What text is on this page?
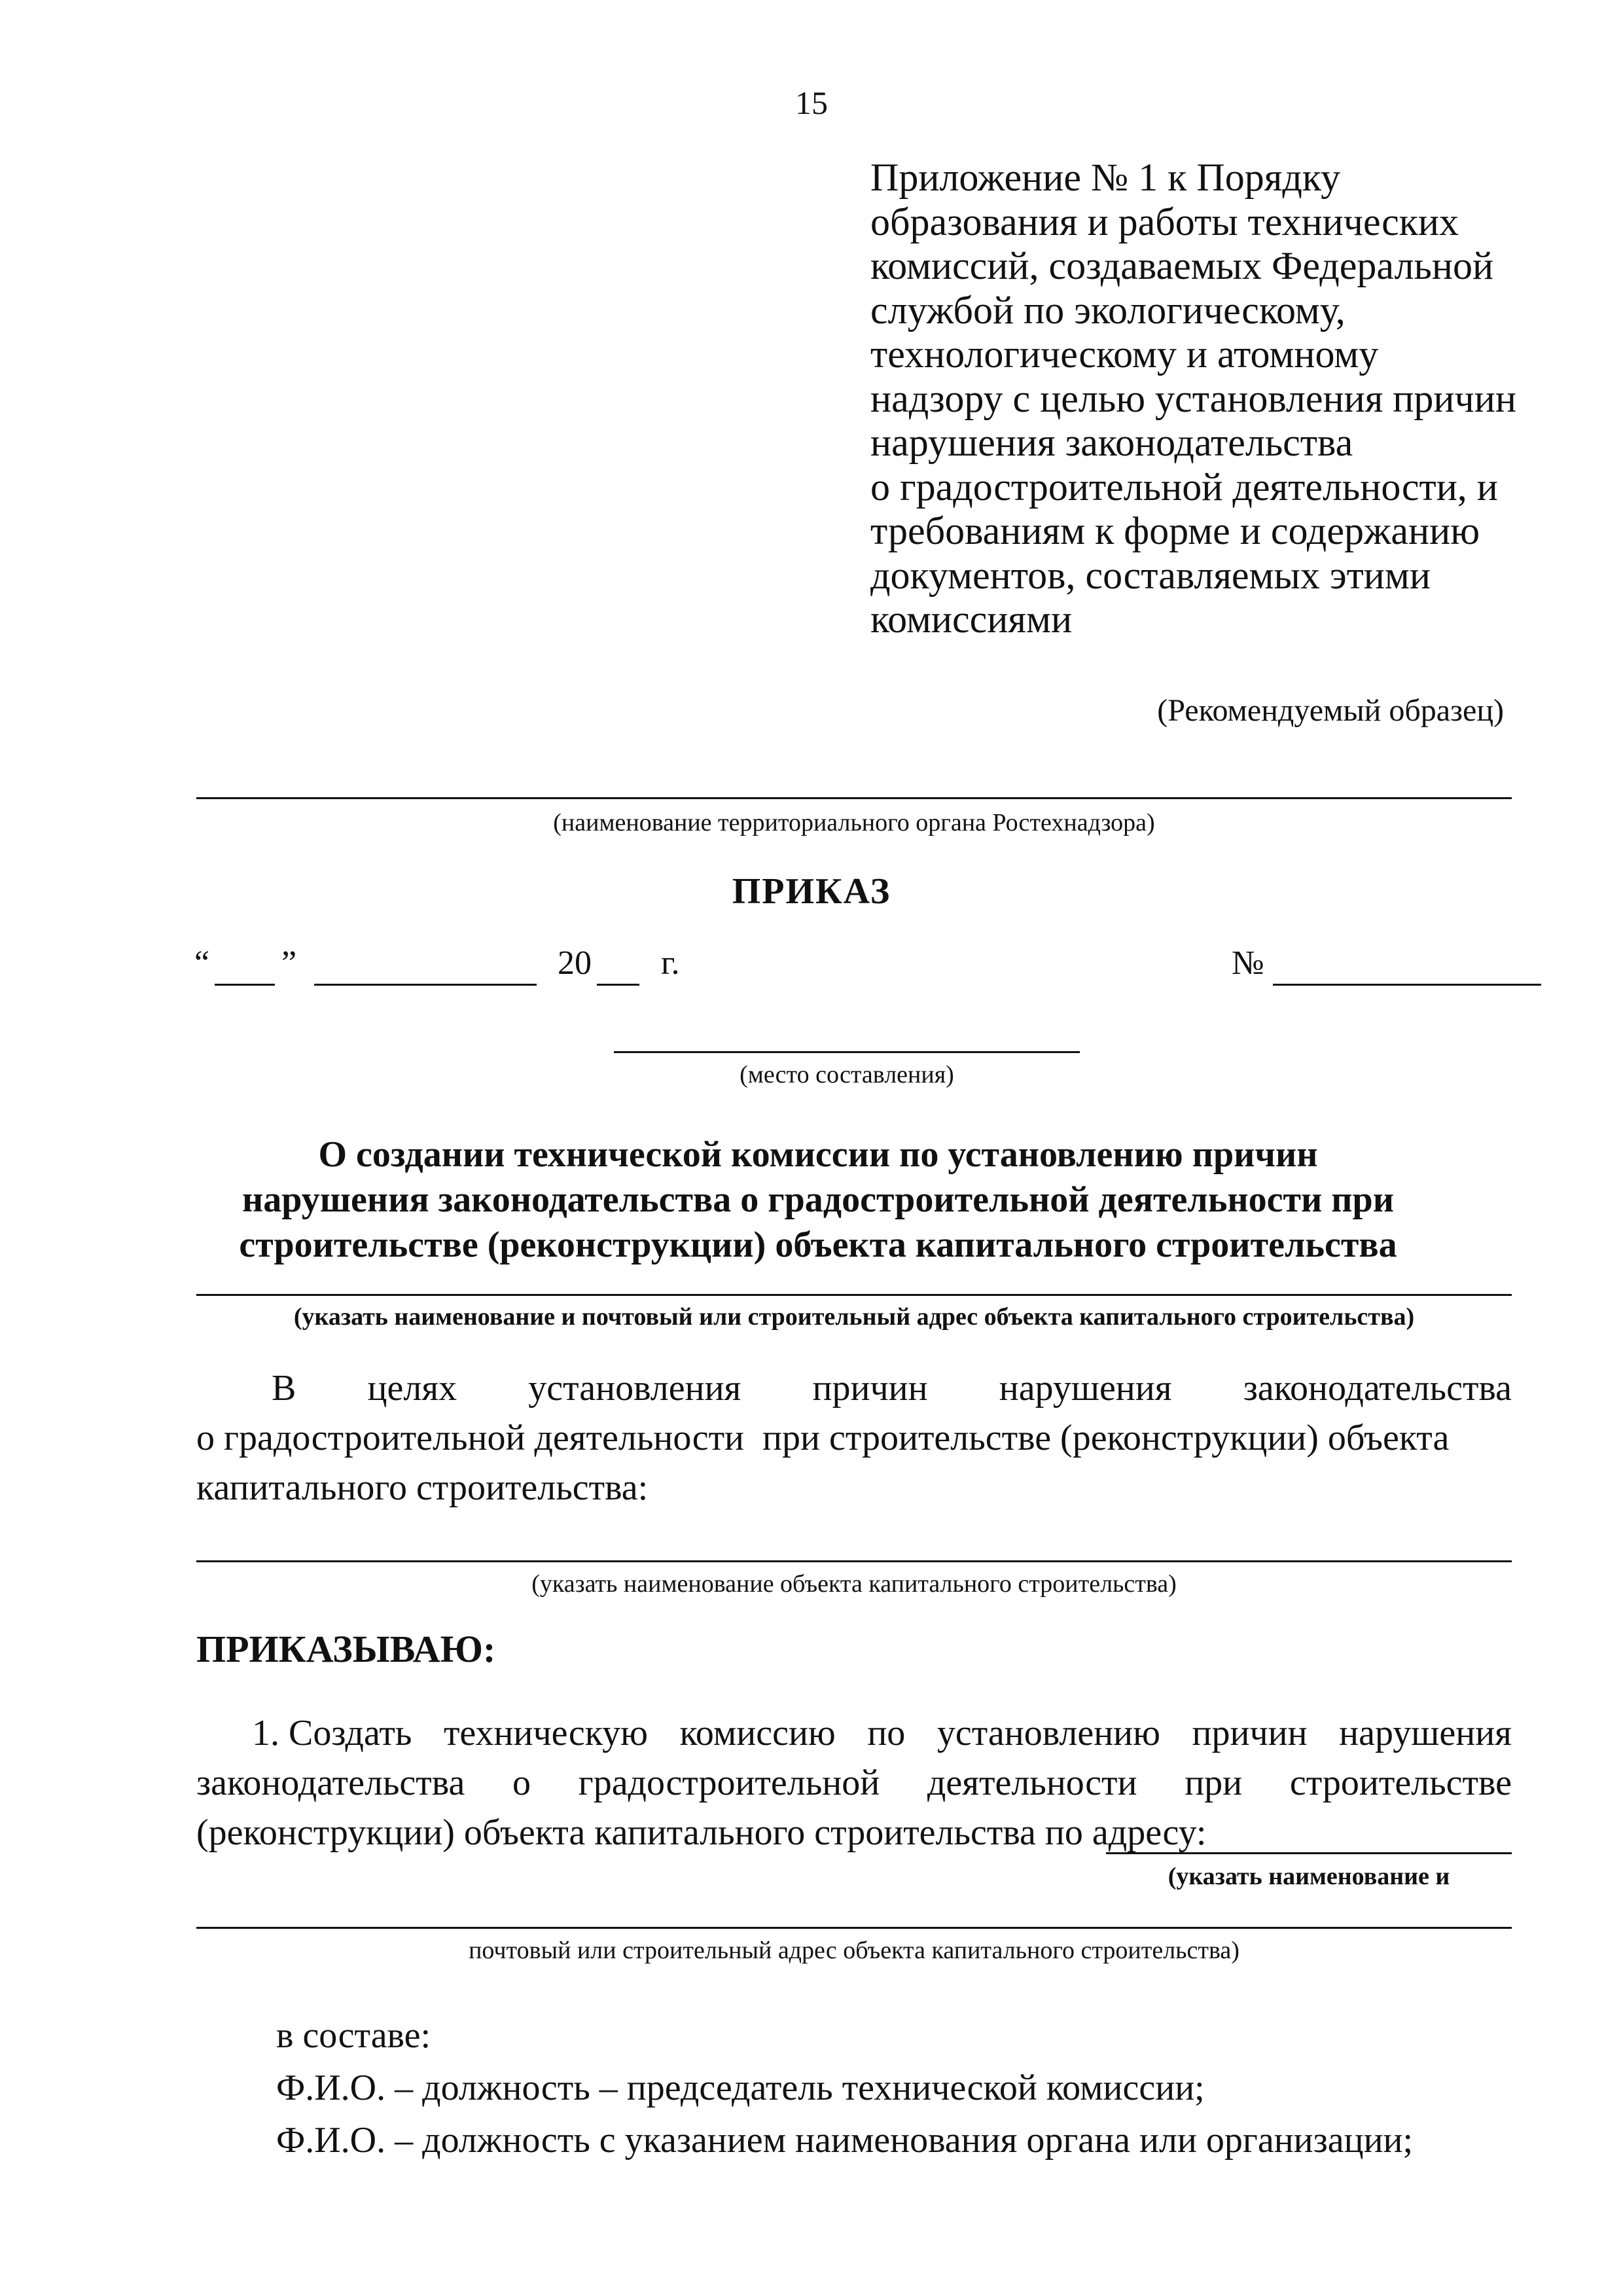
15
Приложение № 1 к Порядку
образования и работы технических
комиссий, создаваемых Федеральной
службой по экологическому,
технологическому и атомному
надзору с целью установления причин
нарушения законодательства
о градостроительной деятельности, и
требованиям к форме и содержанию
документов, составляемых этими
комиссиями
(Рекомендуемый образец)
(наименование территориального органа Ростехнадзора)
ПРИКАЗ
“ ”	20 г.	№
(место составления)
О создании технической комиссии по установлению причин
нарушения законодательства о градостроительной деятельности при
строительстве (реконструкции) объекта капитального строительства
(указать наименование и почтовый или строительный адрес объекта капитального строительства)
В целях установления причин нарушения законодательства
о градостроительной деятельности  при строительстве (реконструкции) объекта
капитального строительства:
(указать наименование объекта капитального строительства)
ПРИКАЗЫВАЮ:
1. Создать техническую комиссию по установлению причин нарушения
законодательства о градостроительной деятельности при строительстве
(реконструкции) объекта капитального строительства по адресу:
(указать наименование и
почтовый или строительный адрес объекта капитального строительства)
в составе:
Ф.И.О. – должность – председатель технической комиссии;
Ф.И.О. – должность с указанием наименования органа или организации;
